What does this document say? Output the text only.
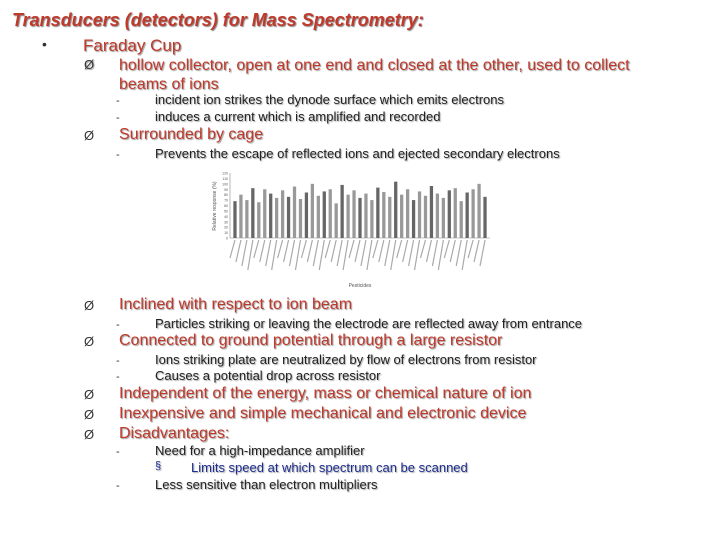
Transducers (detectors) for Mass Spectrometry:
• Faraday Cup
Ø hollow collector, open at one end and closed at the other, used to collect
beams of ions
-	incident ion strikes the dynode surface which emits electrons
-	induces a current which is amplified and recorded
Ø Surrounded by cage
-	Prevents the escape of reflected ions and ejected secondary electrons
Relative response (%)
0
10
20
30
40
50
60
70
80
90
100
110
120
Pesticides
Ø Inclined with respect to ion beam
-	Particles striking or leaving the electrode are reflected away from entrance
Ø Connected to ground potential through a large resistor
-	Ions striking plate are neutralized by flow of electrons from resistor
-	Causes a potential drop across resistor
Ø Independent of the energy, mass or chemical nature of ion
Ø Inexpensive and simple mechanical and electronic device
Ø Disadvantages:
-	Need for a high-impedance amplifier
§ Limits speed at which spectrum can be scanned
-	Less sensitive than electron multipliers
